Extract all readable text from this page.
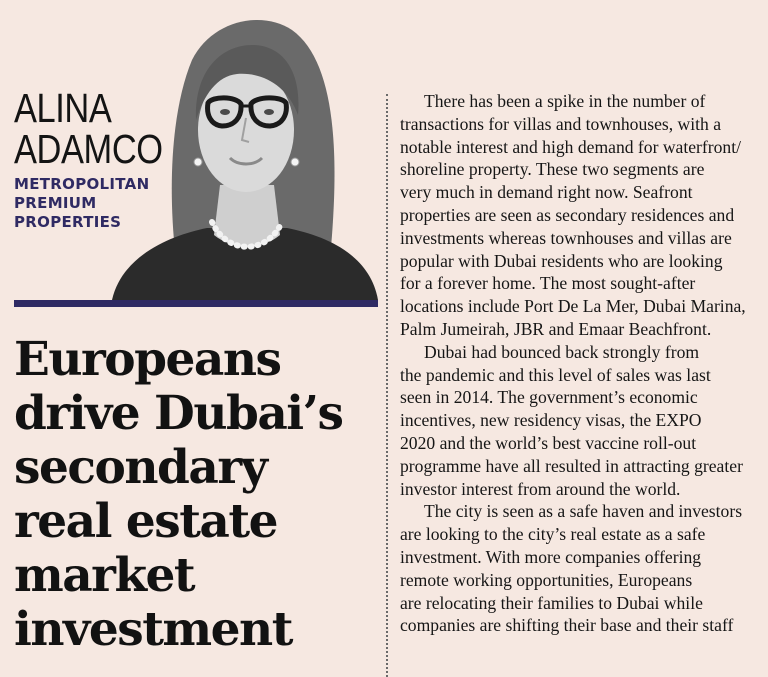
ALINA
ADAMCO
METROPOLITAN
PREMIUM
PROPERTIES
Europeans
drive Dubai’s
secondary
real estate
market
investment
There has been a spike in the number of
transactions for villas and townhouses, with a
notable interest and high demand for waterfront/
shoreline property. These two segments are
very much in demand right now. Seafront
properties are seen as secondary residences and
investments whereas townhouses and villas are
popular with Dubai residents who are looking
for a forever home. The most sought-after
locations include Port De La Mer, Dubai Marina,
Palm Jumeirah, JBR and Emaar Beachfront.
Dubai had bounced back strongly from
the pandemic and this level of sales was last
seen in 2014. The government’s economic
incentives, new residency visas, the EXPO
2020 and the world’s best vaccine roll-out
programme have all resulted in attracting greater
investor interest from around the world.
The city is seen as a safe haven and investors
are looking to the city’s real estate as a safe
investment. With more companies offering
remote working opportunities, Europeans
are relocating their families to Dubai while
companies are shifting their base and their staff
